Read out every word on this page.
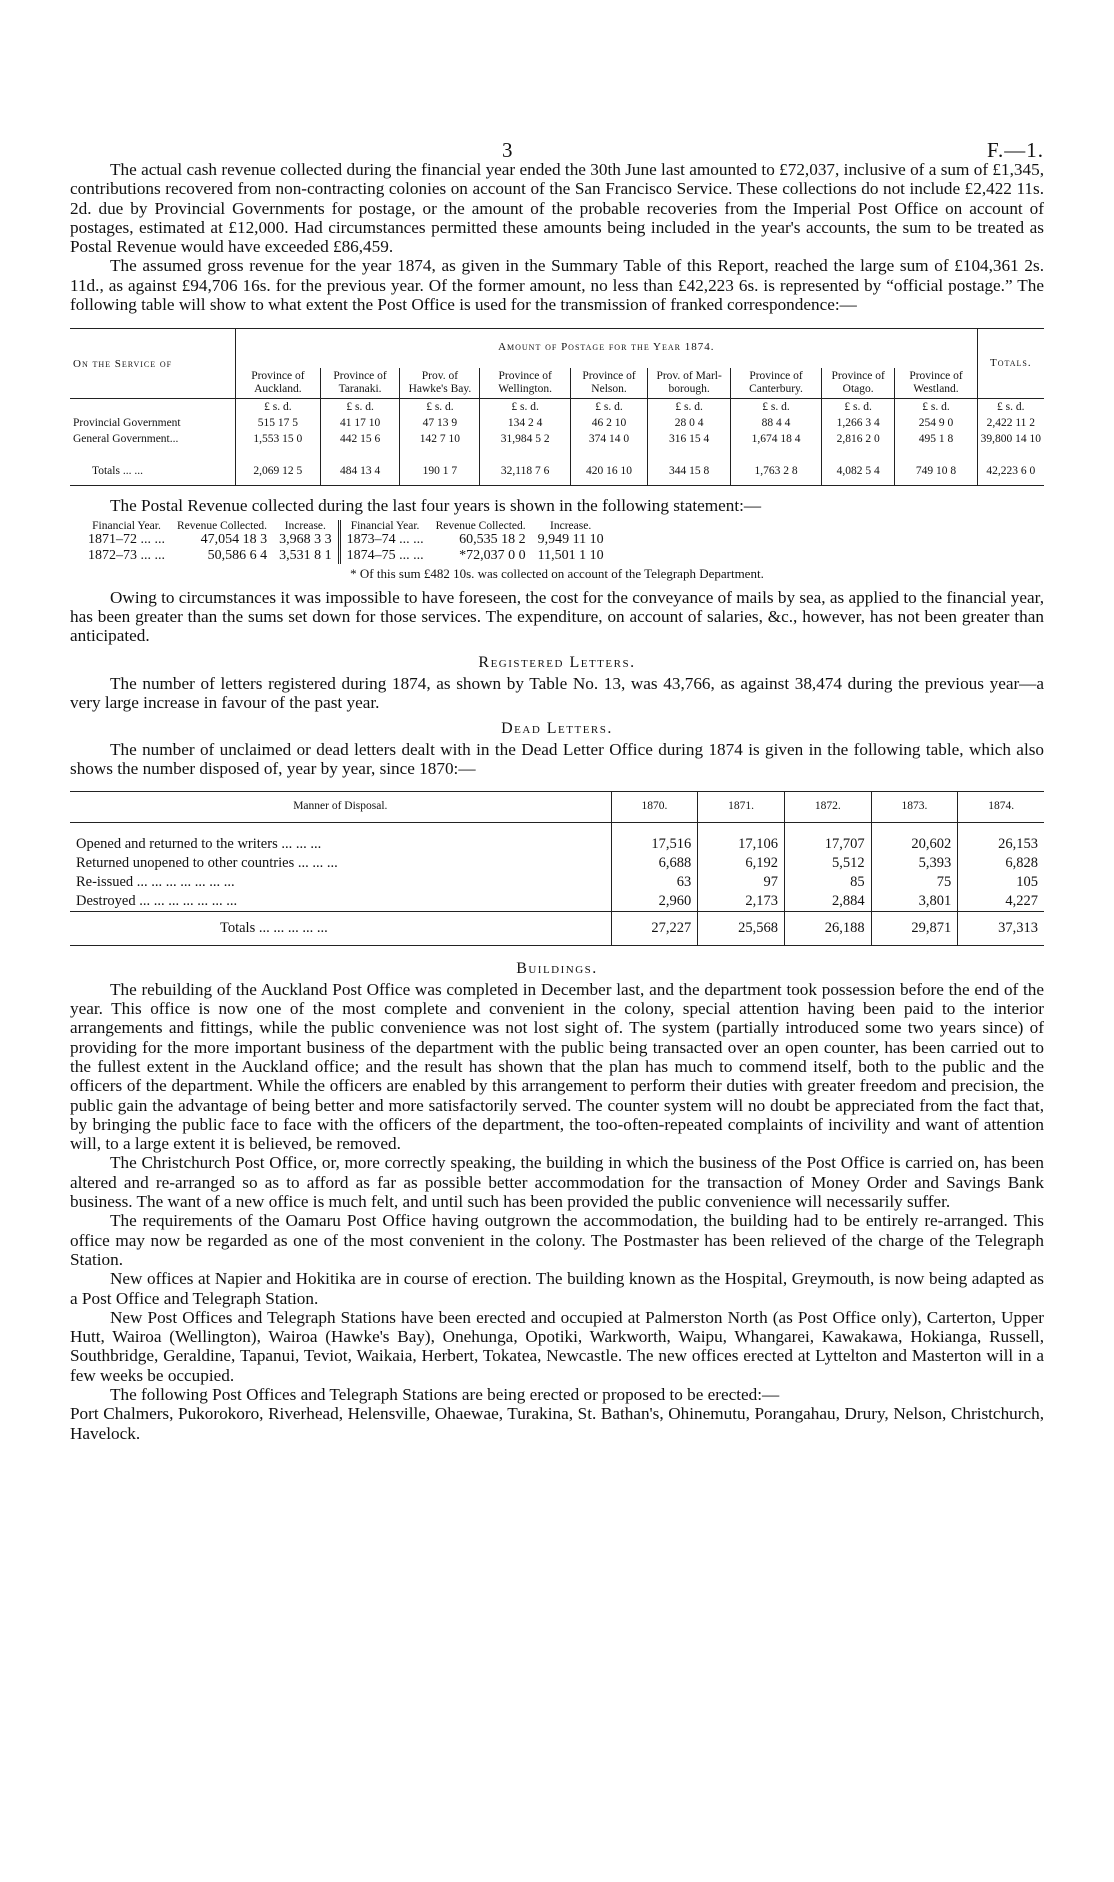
3	F.—1.

The actual cash revenue collected during the financial year ended the 30th June last amounted to £72,037, inclusive of a sum of £1,345, contributions recovered from non-contracting colonies on account of the San Francisco Service. These collections do not include £2,422 11s. 2d. due by Provincial Governments for postage, or the amount of the probable recoveries from the Imperial Post Office on account of postages, estimated at £12,000. Had circumstances permitted these amounts being included in the year's accounts, the sum to be treated as Postal Revenue would have exceeded £86,459.

The assumed gross revenue for the year 1874, as given in the Summary Table of this Report, reached the large sum of £104,361 2s. 11d., as against £94,706 16s. for the previous year. Of the former amount, no less than £42,223 6s. is represented by “official postage.” The following table will show to what extent the Post Office is used for the transmission of franked correspondence:—

On the Service of	Amount of Postage for the Year 1874.									Totals.
	Province of Auckland.	Province of Taranaki.	Prov. of Hawke's Bay.	Province of Wellington.	Province of Nelson.	Prov. of Marl-borough.	Province of Canterbury.	Province of Otago.	Province of Westland.	
	£ s. d.	£ s. d.	£ s. d.	£ s. d.	£ s. d.	£ s. d.	£ s. d.	£ s. d.	£ s. d.	£ s. d.
Provincial Government	515 17 5	41 17 10	47 13 9	134 2 4	46 2 10	28 0 4	88 4 4	1,266 3 4	254 9 0	2,422 11 2
General Government...	1,553 15 0	442 15 6	142 7 10	31,984 5 2	374 14 0	316 15 4	1,674 18 4	2,816 2 0	495 1 8	39,800 14 10
Totals ... ...	2,069 12 5	484 13 4	190 1 7	32,118 7 6	420 16 10	344 15 8	1,763 2 8	4,082 5 4	749 10 8	42,223 6 0

The Postal Revenue collected during the last four years is shown in the following statement:—

Financial Year.	Revenue Collected.	Increase.	Financial Year.	Revenue Collected.	Increase.
1871–72 ... ...	47,054 18 3	3,968 3 3	1873–74 ... ...	60,535 18 2	9,949 11 10
1872–73 ... ...	50,586 6 4	3,531 8 1	1874–75 ... ...	*72,037 0 0	11,501 1 10
* Of this sum £482 10s. was collected on account of the Telegraph Department.

Owing to circumstances it was impossible to have foreseen, the cost for the conveyance of mails by sea, as applied to the financial year, has been greater than the sums set down for those services. The expenditure, on account of salaries, &c., however, has not been greater than anticipated.

Registered Letters.

The number of letters registered during 1874, as shown by Table No. 13, was 43,766, as against 38,474 during the previous year—a very large increase in favour of the past year.

Dead Letters.

The number of unclaimed or dead letters dealt with in the Dead Letter Office during 1874 is given in the following table, which also shows the number disposed of, year by year, since 1870:—

Manner of Disposal.	1870.	1871.	1872.	1873.	1874.

Opened and returned to the writers ... ... ...	17,516	17,106	17,707	20,602	26,153
Returned unopened to other countries ... ... ...	6,688	6,192	5,512	5,393	6,828
Re-issued ... ... ... ... ... ... ...	63	97	85	75	105
Destroyed ... ... ... ... ... ... ...	2,960	2,173	2,884	3,801	4,227
Totals ... ... ... ... ...	27,227	25,568	26,188	29,871	37,313
Buildings.

The rebuilding of the Auckland Post Office was completed in December last, and the department took possession before the end of the year. This office is now one of the most complete and convenient in the colony, special attention having been paid to the interior arrangements and fittings, while the public convenience was not lost sight of. The system (partially introduced some two years since) of providing for the more important business of the department with the public being transacted over an open counter, has been carried out to the fullest extent in the Auckland office; and the result has shown that the plan has much to commend itself, both to the public and the officers of the department. While the officers are enabled by this arrangement to perform their duties with greater freedom and precision, the public gain the advantage of being better and more satisfactorily served. The counter system will no doubt be appreciated from the fact that, by bringing the public face to face with the officers of the department, the too-often-repeated complaints of incivility and want of attention will, to a large extent it is believed, be removed.

The Christchurch Post Office, or, more correctly speaking, the building in which the business of the Post Office is carried on, has been altered and re-arranged so as to afford as far as possible better accommodation for the transaction of Money Order and Savings Bank business. The want of a new office is much felt, and until such has been provided the public convenience will necessarily suffer.

The requirements of the Oamaru Post Office having outgrown the accommodation, the building had to be entirely re-arranged. This office may now be regarded as one of the most convenient in the colony. The Postmaster has been relieved of the charge of the Telegraph Station.

New offices at Napier and Hokitika are in course of erection. The building known as the Hospital, Greymouth, is now being adapted as a Post Office and Telegraph Station.

New Post Offices and Telegraph Stations have been erected and occupied at Palmerston North (as Post Office only), Carterton, Upper Hutt, Wairoa (Wellington), Wairoa (Hawke's Bay), Onehunga, Opotiki, Warkworth, Waipu, Whangarei, Kawakawa, Hokianga, Russell, Southbridge, Geraldine, Tapanui, Teviot, Waikaia, Herbert, Tokatea, Newcastle. The new offices erected at Lyttelton and Masterton will in a few weeks be occupied.

The following Post Offices and Telegraph Stations are being erected or proposed to be erected:—

Port Chalmers, Pukorokoro, Riverhead, Helensville, Ohaewae, Turakina, St. Bathan's, Ohinemutu, Porangahau, Drury, Nelson, Christchurch, Havelock.
